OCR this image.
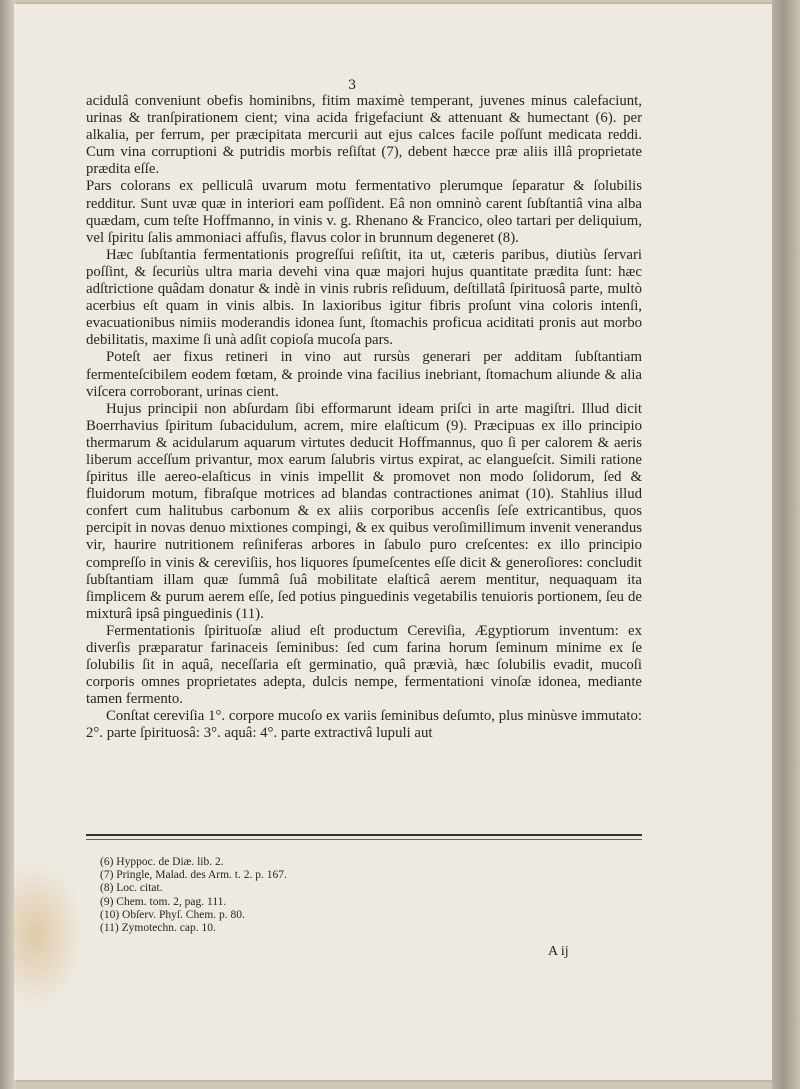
3

acidulâ conveniunt obefis hominibns, fitim maximè temperant, juvenes minus calefaciunt, urinas & tranſpirationem cient; vina acida frigefaciunt & attenuant & humectant (6). per alkalia, per ferrum, per præcipitata mercurii aut ejus calces facile poſſunt medicata reddi. Cum vina corruptioni & putridis morbis reſiſtat (7), debent hæcce præ aliis illâ proprietate prædita eſſe.

Pars colorans ex pelliculâ uvarum motu fermentativo plerumque ſeparatur & ſolubilis redditur. Sunt uvæ quæ in interiori eam poſſident. Eâ non omninò carent ſubſtantiâ vina alba quædam, cum teſte Hoffmanno, in vinis v. g. Rhenano & Francico, oleo tartari per deliquium, vel ſpiritu ſalis ammoniaci affuſis, flavus color in brunnum degeneret (8).

Hæc ſubſtantia fermentationis progreſſui reſiſtit, ita ut, cæteris paribus, diutiùs ſervari poſſint, & ſecuriùs ultra maria devehi vina quæ majori hujus quantitate prædita ſunt: hæc adſtrictione quâdam donatur & indè in vinis rubris reſiduum, deſtillatâ ſpirituosâ parte, multò acerbius eſt quam in vinis albis. In laxioribus igitur fibris proſunt vina coloris intenſi, evacuationibus nimiis moderandis idonea ſunt, ſtomachis proficua aciditati pronis aut morbo debilitatis, maxime ſi unà adſit copioſa mucoſa pars.

Poteſt aer fixus retineri in vino aut rursùs generari per additam ſubſtantiam fermenteſcibilem eodem fœtam, & proinde vina facilius inebriant, ſtomachum aliunde & alia viſcera corroborant, urinas cient.

Hujus principii non abſurdam ſibi efformarunt ideam priſci in arte magiſtri. Illud dicit Boerrhavius ſpiritum ſubacidulum, acrem, mire elaſticum (9). Præcipuas ex illo principio thermarum & acidularum aquarum virtutes deducit Hoffmannus, quo ſi per calorem & aeris liberum acceſſum privantur, mox earum ſalubris virtus expirat, ac elangueſcit. Simili ratione ſpiritus ille aereo-elaſticus in vinis impellit & promovet non modo ſolidorum, ſed & fluidorum motum, fibraſque motrices ad blandas contractiones animat (10). Stahlius illud confert cum halitubus carbonum & ex aliis corporibus accenſis ſeſe extricantibus, quos percipit in novas denuo mixtiones compingi, & ex quibus veroſimillimum invenit venerandus vir, haurire nutritionem reſiniferas arbores in ſabulo puro creſcentes: ex illo principio compreſſo in vinis & cereviſiis, hos liquores ſpumeſcentes eſſe dicit & generoſiores: concludit ſubſtantiam illam quæ ſummâ ſuâ mobilitate elaſticâ aerem mentitur, nequaquam ita ſimplicem & purum aerem eſſe, ſed potius pinguedinis vegetabilis tenuioris portionem, ſeu de mixturâ ipsâ pinguedinis (11).

Fermentationis ſpirituoſæ aliud eſt productum Cereviſia, Ægyptiorum inventum: ex diverſis præparatur farinaceis ſeminibus: ſed cum farina horum ſeminum minime ex ſe ſolubilis ſit in aquâ, neceſſaria eſt germinatio, quâ prævià, hæc ſolubilis evadit, mucoſi corporis omnes proprietates adepta, dulcis nempe, fermentationi vinoſæ idonea, mediante tamen fermento.

Conſtat cereviſia 1°. corpore mucoſo ex variis ſeminibus deſumto, plus minùsve immutato: 2°. parte ſpirituosâ: 3°. aquâ: 4°. parte extractivâ lupuli aut

(6) Hyppoc. de Diæ. lib. 2.
(7) Pringle, Malad. des Arm. t. 2. p. 167.
(8) Loc. citat.
(9) Chem. tom. 2, pag. 111.
(10) Obſerv. Phyſ. Chem. p. 80.
(11) Zymotechn. cap. 10.
A ij
